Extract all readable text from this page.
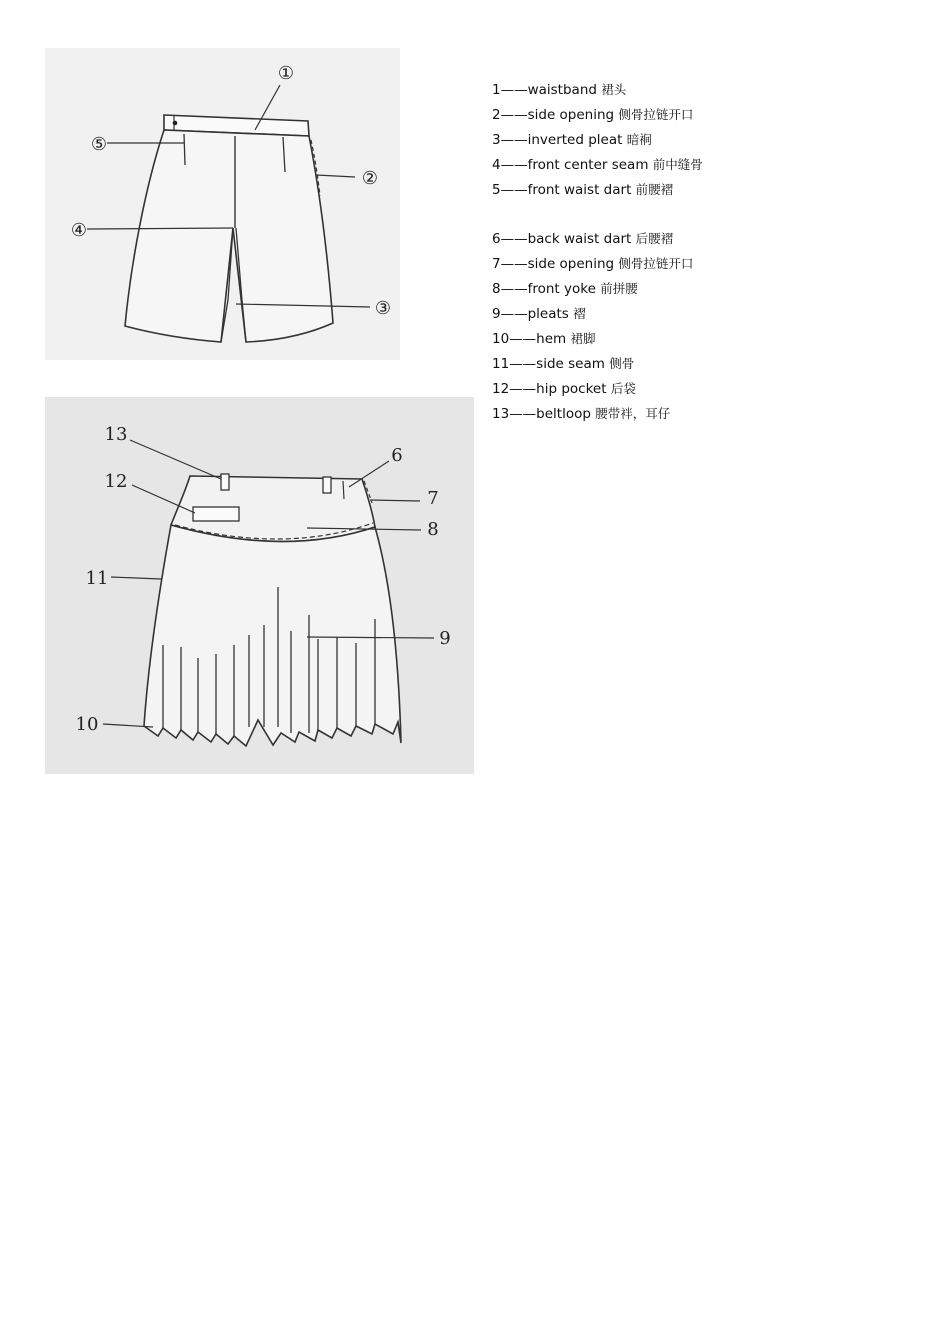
①
②
③
④
⑤
13
12
11
10
6
7
8
9
1——waistband 裙头
2——side opening 侧骨拉链开口
3——inverted pleat 暗裥
4——front center seam 前中缝骨
5——front waist dart 前腰褶
6——back waist dart 后腰褶
7——side opening 侧骨拉链开口
8——front yoke 前拼腰
9——pleats 褶
10——hem 裙脚
11——side seam 侧骨
12——hip pocket 后袋
13——beltloop 腰带袢，耳仔
